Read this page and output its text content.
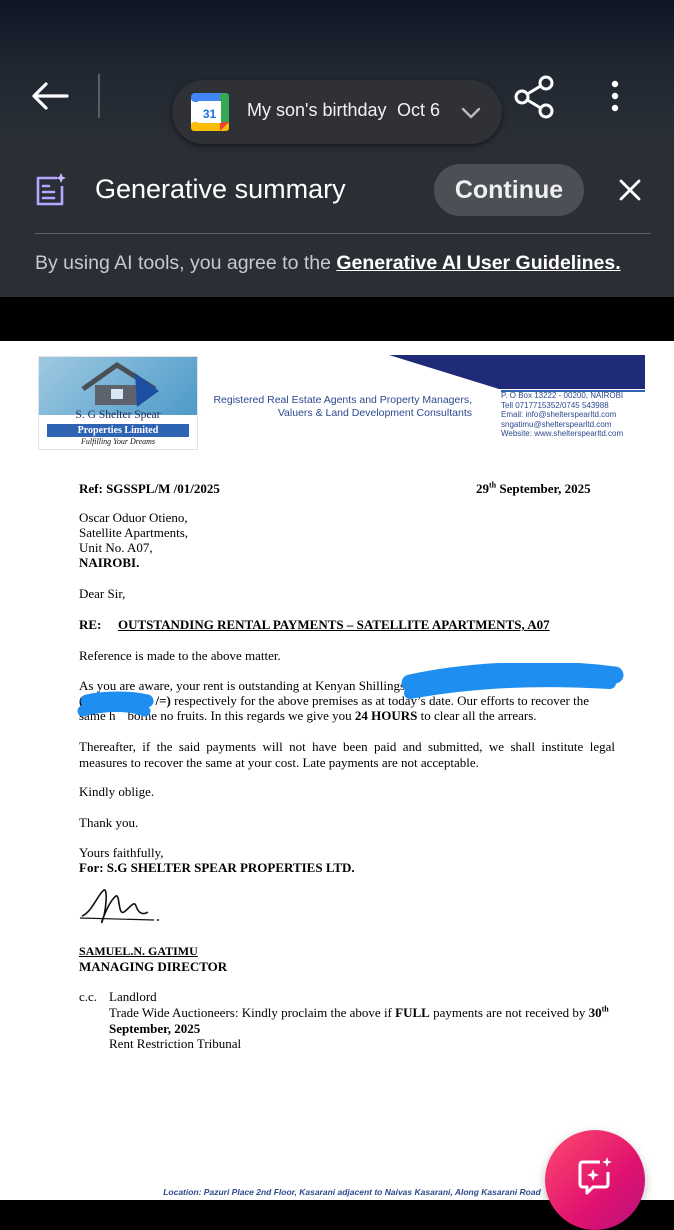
31 My son's birthday Oct 6
Generative summary	Continue
By using AI tools, you agree to the Generative AI User Guidelines.
S. G Shelter Spear
Properties Limited
Fulfilling Your Dreams
Registered Real Estate Agents and Property Managers,
Valuers & Land Development Consultants
P. O Box 13222 - 00200, NAIROBI
Tell 0717715352/0745 543988
Email: info@shelterspearltd.com
sngatimu@shelterspearltd.com
Website: www.shelterspearltd.com
Ref: SGSSPL/M /01/2025	29th September, 2025
Oscar Oduor Otieno,
Satellite Apartments,
Unit No. A07,
NAIROBI.
Dear Sir,
RE: OUTSTANDING RENTAL PAYMENTS – SATELLITE APARTMENTS, A07
Reference is made to the above matter.
As you are aware, your rent is outstanding at Kenyan Shillings
(Ksh	0 /=) respectively for the above premises as at today’s date. Our efforts to recover the
same h borne no fruits. In this regards we give you 24 HOURS to clear all the arrears.
Thereafter, if the said payments will not have been paid and submitted, we shall institute legal measures to recover the same at your cost. Late payments are not acceptable.
Kindly oblige.
Thank you.
Yours faithfully,
For: S.G SHELTER SPEAR PROPERTIES LTD.
SAMUEL.N. GATIMU
MANAGING DIRECTOR
c.c. Landlord
Trade Wide Auctioneers: Kindly proclaim the above if FULL payments are not received by 30th
September, 2025
Rent Restriction Tribunal
Location: Pazuri Place 2nd Floor, Kasarani adjacent to Naivas Kasarani, Along Kasarani Road
